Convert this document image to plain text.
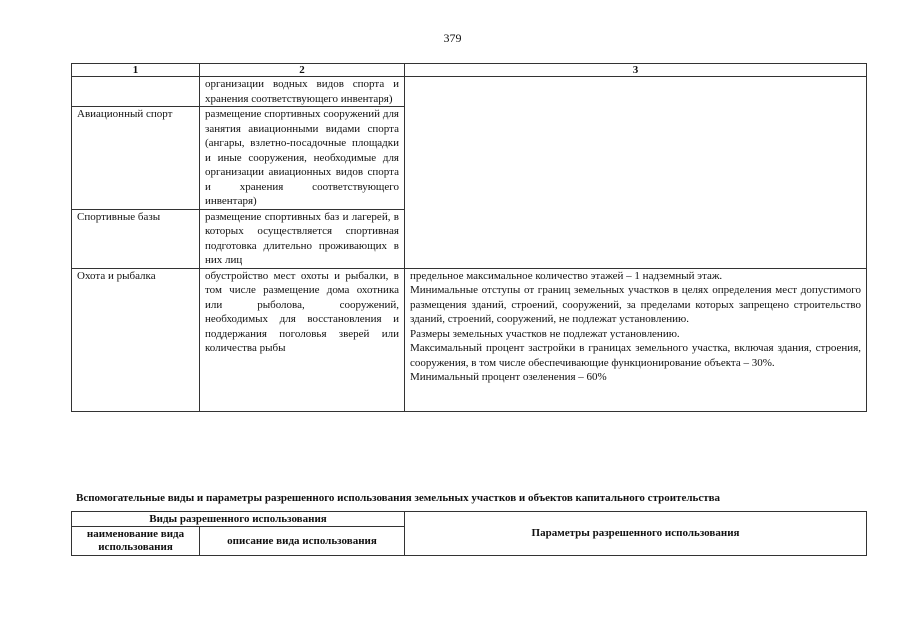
379
1	2	3
	организации водных видов спорта и хранения соответствующего инвентаря)	
Авиационный спорт	размещение спортивных сооружений для занятия авиационными видами спорта (ангары, взлетно-посадочные площадки и иные сооружения, необходимые для организации авиационных видов спорта и хранения соответствующего инвентаря)	
Спортивные базы	размещение спортивных баз и лагерей, в которых осуществляется спортивная подготовка длительно проживающих в них лиц	
Охота и рыбалка	обустройство мест охоты и рыбалки, в том числе размещение дома охотника или рыболова, сооружений, необходимых для восстановления и поддержания поголовья зверей или количества рыбы	предельное максимальное количество этажей – 1 надземный этаж.
Минимальные отступы от границ земельных участков в целях определения мест допустимого размещения зданий, строений, сооружений, за пределами которых запрещено строительство зданий, строений, сооружений, не подлежат установлению.
Размеры земельных участков не подлежат установлению.
Максимальный процент застройки в границах земельного участка, включая здания, строения, сооружения, в том числе обеспечивающие функционирование объекта – 30%.
Минимальный процент озеленения – 60%
Вспомогательные виды и параметры разрешенного использования земельных участков и объектов капитального строительства
Виды разрешенного использования		Параметры разрешенного использования
наименование вида использования	описание вида использования	
